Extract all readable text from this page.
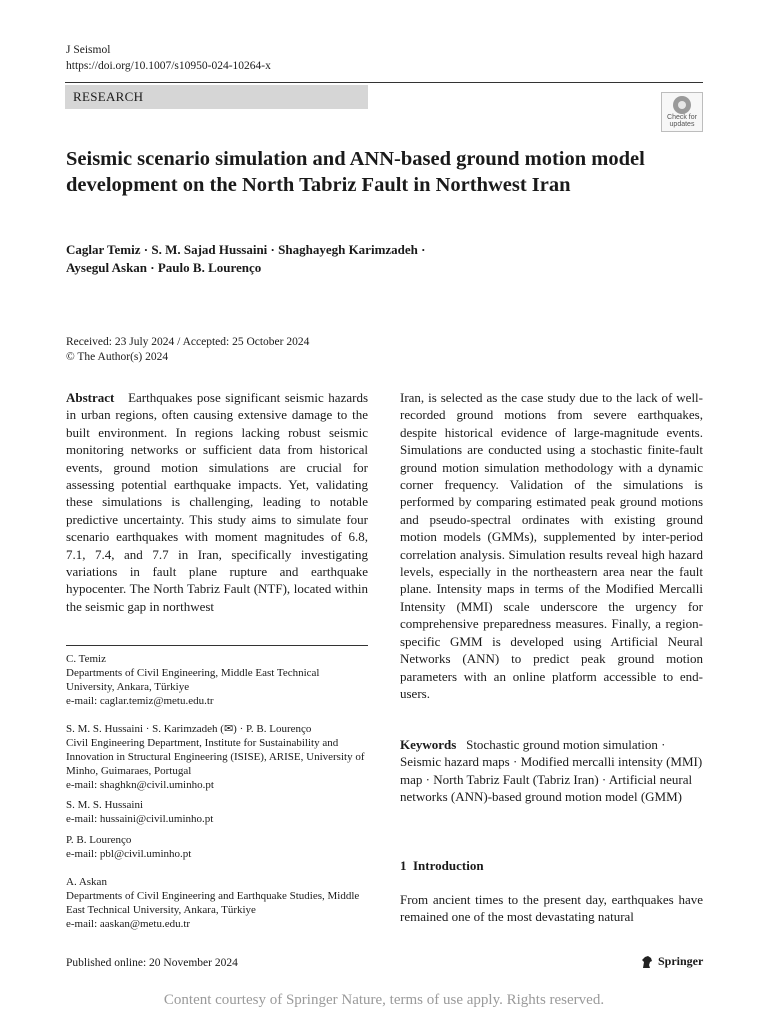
J Seismol
https://doi.org/10.1007/s10950-024-10264-x
RESEARCH
Check for
updates
Seismic scenario simulation and ANN-based ground motion model development on the North Tabriz Fault in Northwest Iran
Caglar Temiz · S. M. Sajad Hussaini · Shaghayegh Karimzadeh ·
Aysegul Askan · Paulo B. Lourenço
Received: 23 July 2024 / Accepted: 25 October 2024
© The Author(s) 2024
Abstract Earthquakes pose significant seismic hazards in urban regions, often causing extensive damage to the built environment. In regions lacking robust seismic monitoring networks or sufficient data from historical events, ground motion simulations are crucial for assessing potential earthquake impacts. Yet, validating these simulations is challenging, leading to notable predictive uncertainty. This study aims to simulate four scenario earthquakes with moment magnitudes of 6.8, 7.1, 7.4, and 7.7 in Iran, specifically investigating variations in fault plane rupture and earthquake hypocenter. The North Tabriz Fault (NTF), located within the seismic gap in northwest
Iran, is selected as the case study due to the lack of well-recorded ground motions from severe earthquakes, despite historical evidence of large-magnitude events. Simulations are conducted using a stochastic finite-fault ground motion simulation methodology with a dynamic corner frequency. Validation of the simulations is performed by comparing estimated peak ground motions and pseudo-spectral ordinates with existing ground motion models (GMMs), supplemented by inter-period correlation analysis. Simulation results reveal high hazard levels, especially in the northeastern area near the fault plane. Intensity maps in terms of the Modified Mercalli Intensity (MMI) scale underscore the urgency for comprehensive preparedness measures. Finally, a region-specific GMM is developed using Artificial Neural Networks (ANN) to predict peak ground motion parameters with an online platform accessible to end-users.
C. Temiz
Departments of Civil Engineering, Middle East Technical University, Ankara, Türkiye
e-mail: caglar.temiz@metu.edu.tr
S. M. S. Hussaini · S. Karimzadeh (✉) · P. B. Lourenço
Civil Engineering Department, Institute for Sustainability and Innovation in Structural Engineering (ISISE), ARISE, University of Minho, Guimaraes, Portugal
e-mail: shaghkn@civil.uminho.pt
S. M. S. Hussaini
e-mail: hussaini@civil.uminho.pt
P. B. Lourenço
e-mail: pbl@civil.uminho.pt
A. Askan
Departments of Civil Engineering and Earthquake Studies, Middle East Technical University, Ankara, Türkiye
e-mail: aaskan@metu.edu.tr
Keywords Stochastic ground motion simulation · Seismic hazard maps · Modified mercalli intensity (MMI) map · North Tabriz Fault (Tabriz Iran) · Artificial neural networks (ANN)-based ground motion model (GMM)
1  Introduction
From ancient times to the present day, earthquakes have remained one of the most devastating natural
Published online: 20 November 2024	Springer
Content courtesy of Springer Nature, terms of use apply. Rights reserved.
